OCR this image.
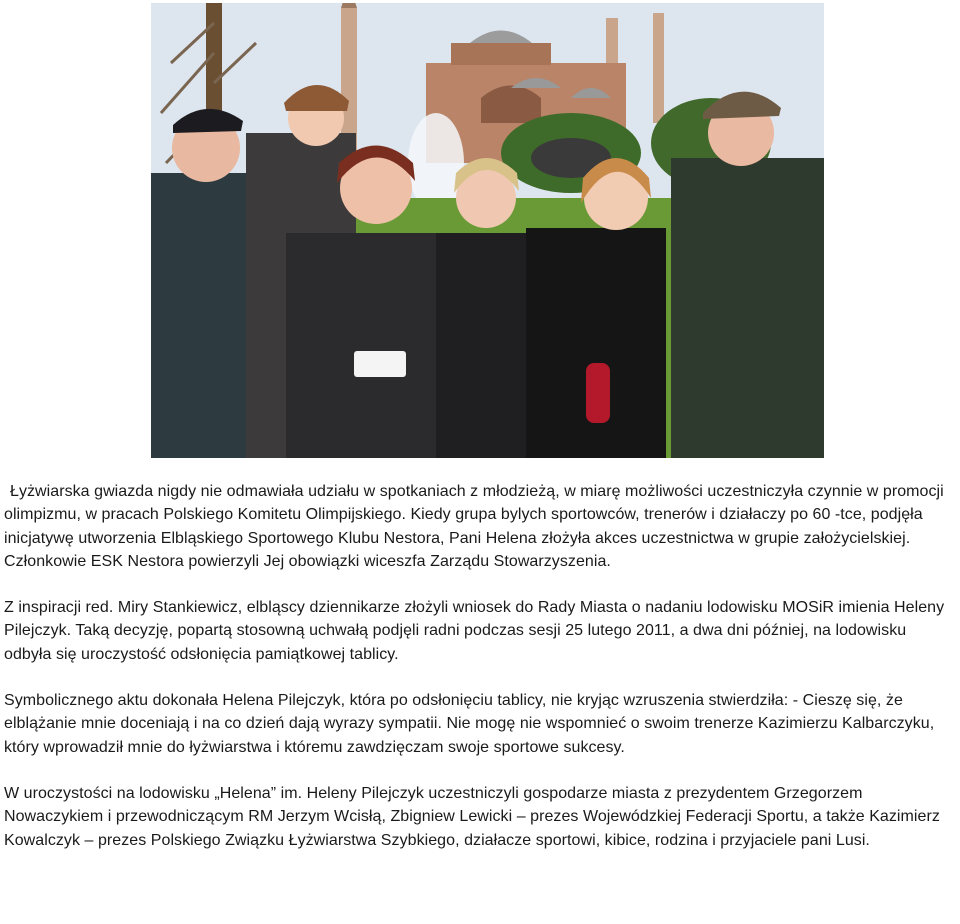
Łyżwiarska gwiazda nigdy nie odmawiała udziału w spotkaniach z młodzieżą, w miarę możliwości uczestniczyła czynnie w promocji olimpizmu, w pracach Polskiego Komitetu Olimpijskiego. Kiedy grupa bylych sportowców, trenerów i działaczy po 60 -tce, podjęła inicjatywę utworzenia Elbląskiego Sportowego Klubu Nestora, Pani Helena złożyła akces uczestnictwa w grupie założycielskiej. Członkowie ESK Nestora powierzyli Jej obowiązki wiceszfa Zarządu Stowarzyszenia.

Z inspiracji red. Miry Stankiewicz, elbląscy dziennikarze złożyli wniosek do Rady Miasta o nadaniu lodowisku MOSiR imienia Heleny Pilejczyk. Taką decyzję, popartą stosowną uchwałą podjęli radni podczas sesji 25 lutego 2011, a dwa dni później, na lodowisku odbyła się uroczystość odsłonięcia pamiątkowej tablicy.

Symbolicznego aktu dokonała Helena Pilejczyk, która po odsłonięciu tablicy, nie kryjąc wzruszenia stwierdziła: - Cieszę się, że elblążanie mnie doceniają i na co dzień dają wyrazy sympatii. Nie mogę nie wspomnieć o swoim trenerze Kazimierzu Kalbarczyku, który wprowadził mnie do łyżwiarstwa i któremu zawdzięczam swoje sportowe sukcesy.

W uroczystości na lodowisku „Helena” im. Heleny Pilejczyk uczestniczyli gospodarze miasta z prezydentem Grzegorzem Nowaczykiem i przewodniczącym RM Jerzym Wcisłą, Zbigniew Lewicki – prezes Wojewódzkiej Federacji Sportu, a także Kazimierz Kowalczyk – prezes Polskiego Związku Łyżwiarstwa Szybkiego, działacze sportowi, kibice, rodzina i przyjaciele pani Lusi.
